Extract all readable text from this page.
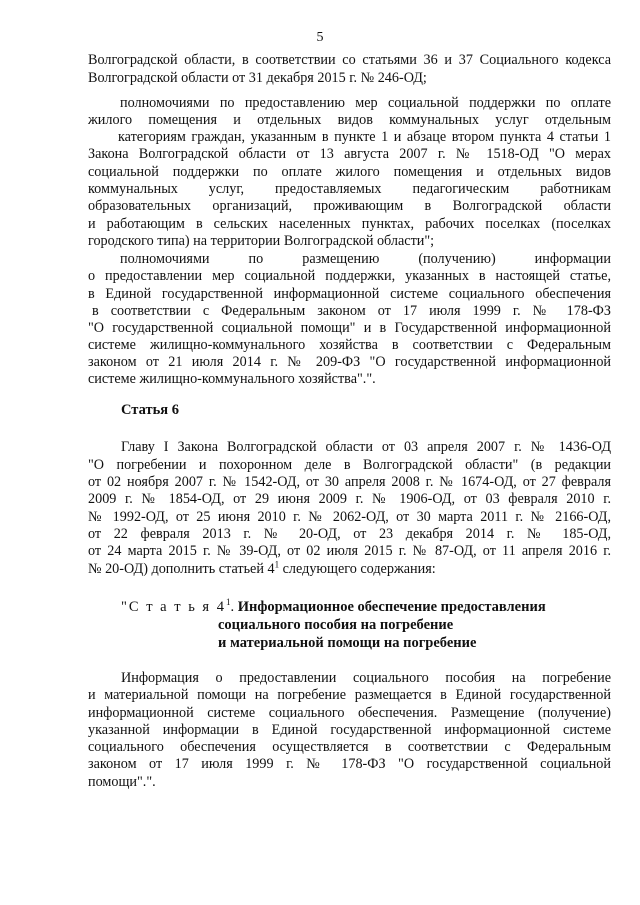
5
Волгоградской области, в соответствии со статьями 36 и 37 Социального кодекса
Волгоградской области от 31 декабря 2015 г. № 246-ОД;
полномочиями по предоставлению мер социальной поддержки по оплате
жилого помещения и отдельных видов коммунальных услуг отдельным
категориям граждан, указанным в пункте 1 и абзаце втором пункта 4 статьи 1
Закона Волгоградской области от 13 августа 2007 г. № 1518-ОД "О мерах
социальной поддержки по оплате жилого помещения и отдельных видов
коммунальных услуг, предоставляемых педагогическим работникам
образовательных организаций, проживающим в Волгоградской области
и работающим в сельских населенных пунктах, рабочих поселках (поселках
городского типа) на территории Волгоградской области";
полномочиями по размещению (получению) информации
о предоставлении мер социальной поддержки, указанных в настоящей статье,
в Единой государственной информационной системе социального обеспечения
в соответствии с Федеральным законом от 17 июля 1999 г. № 178-ФЗ
"О государственной социальной помощи" и в Государственной информационной
системе жилищно-коммунального хозяйства в соответствии с Федеральным
законом от 21 июля 2014 г. № 209-ФЗ "О государственной информационной
системе жилищно-коммунального хозяйства".".
Статья 6
Главу I Закона Волгоградской области от 03 апреля 2007 г. № 1436-ОД
"О погребении и похоронном деле в Волгоградской области" (в редакции
от 02 ноября 2007 г. № 1542-ОД, от 30 апреля 2008 г. № 1674-ОД, от 27 февраля
2009 г. № 1854-ОД, от 29 июня 2009 г. № 1906-ОД, от 03 февраля 2010 г.
№ 1992-ОД, от 25 июня 2010 г. № 2062-ОД, от 30 марта 2011 г. № 2166-ОД,
от 22 февраля 2013 г. № 20-ОД, от 23 декабря 2014 г. № 185-ОД,
от 24 марта 2015 г. № 39-ОД, от 02 июля 2015 г. № 87-ОД, от 11 апреля 2016 г.
№ 20-ОД) дополнить статьей $4^1$ следующего содержания:
"С т а т ь я $4^1$. Информационное обеспечение предоставления
социального пособия на погребение
и материальной помощи на погребение
Информация о предоставлении социального пособия на погребение
и материальной помощи на погребение размещается в Единой государственной
информационной системе социального обеспечения. Размещение (получение)
указанной информации в Единой государственной информационной системе
социального обеспечения осуществляется в соответствии с Федеральным
законом от 17 июля 1999 г. № 178-ФЗ "О государственной социальной
помощи".".
